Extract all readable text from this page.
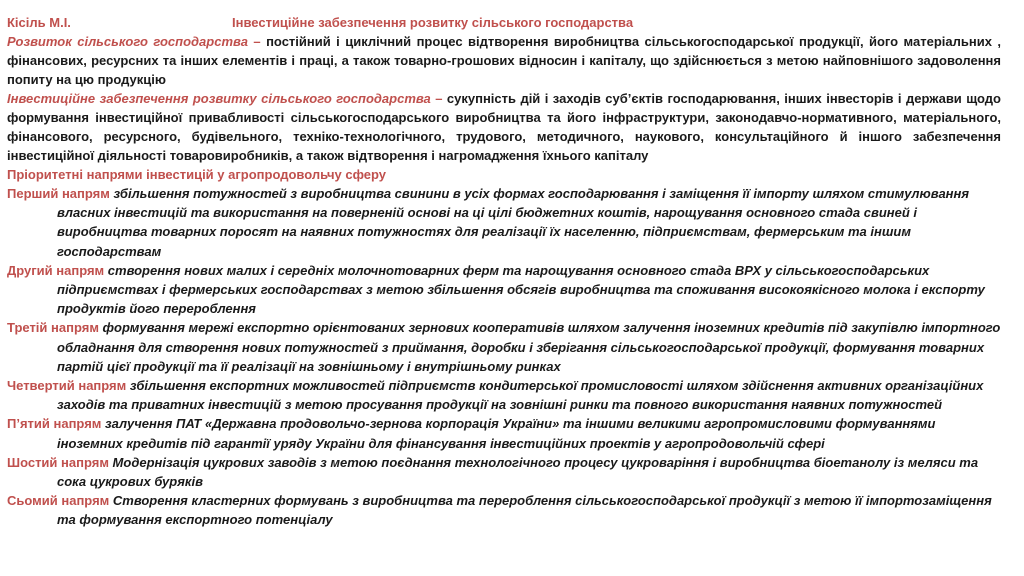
Кісіль М.І.	Інвестиційне забезпечення розвитку сільського господарства
Розвиток сільського господарства – постійний і циклічний процес відтворення виробництва сільськогосподарської продукції, його матеріальних , фінансових, ресурсних та інших елементів і праці, а також товарно-грошових відносин і капіталу, що здійснюється з метою найповнішого задоволення попиту на цю продукцію
Інвестиційне забезпечення розвитку сільського господарства – сукупність дій і заходів суб’єктів господарювання, інших інвесторів і держави щодо формування інвестиційної привабливості сільськогосподарського виробництва та його інфраструктури, законодавчо-нормативного, матеріального, фінансового, ресурсного, будівельного, техніко-технологічного, трудового, методичного, наукового, консультаційного й іншого забезпечення інвестиційної діяльності товаровиробників, а також відтворення і нагромадження їхнього капіталу
Пріоритетні напрями інвестицій у агропродовольчу сферу
Перший напрям збільшення потужностей з виробництва свинини в усіх формах господарювання і заміщення її імпорту шляхом стимулювання власних інвестицій та використання на поверненій основі на ці цілі бюджетних коштів, нарощування основного стада свиней і виробництва товарних поросят на наявних потужностях для реалізації їх населенню, підприємствам, фермерським та іншим господарствам
Другий напрям створення нових малих і середніх молочнотоварних ферм та нарощування основного стада ВРХ у сільськогосподарських підприємствах і фермерських господарствах з метою збільшення обсягів виробництва та споживання високоякісного молока і експорту продуктів його перероблення
Третій напрям формування мережі експортно орієнтованих зернових кооперативів шляхом залучення іноземних кредитів під закупівлю імпортного обладнання для створення нових потужностей з приймання, доробки і зберігання сільськогосподарської продукції, формування товарних партій цієї продукції та її реалізації на зовнішньому і внутрішньому ринках
Четвертий напрям збільшення експортних можливостей підприємств кондитерської промисловості шляхом здійснення активних організаційних заходів та приватних інвестицій з метою просування продукції на зовнішні ринки та повного використання наявних потужностей
П’ятий напрям залучення ПАТ «Державна продовольчо-зернова корпорація України» та іншими великими агропромисловими формуваннями іноземних кредитів під гарантії уряду України для фінансування інвестиційних проектів у агропродовольчій сфері
Шостий напрям Модернізація цукрових заводів з метою поєднання технологічного процесу цукроваріння і виробництва біоетанолу із меляси та сока цукрових буряків
Сьомий напрям Створення кластерних формувань з виробництва та перероблення сільськогосподарської продукції з метою її імпортозаміщення та формування експортного потенціалу
